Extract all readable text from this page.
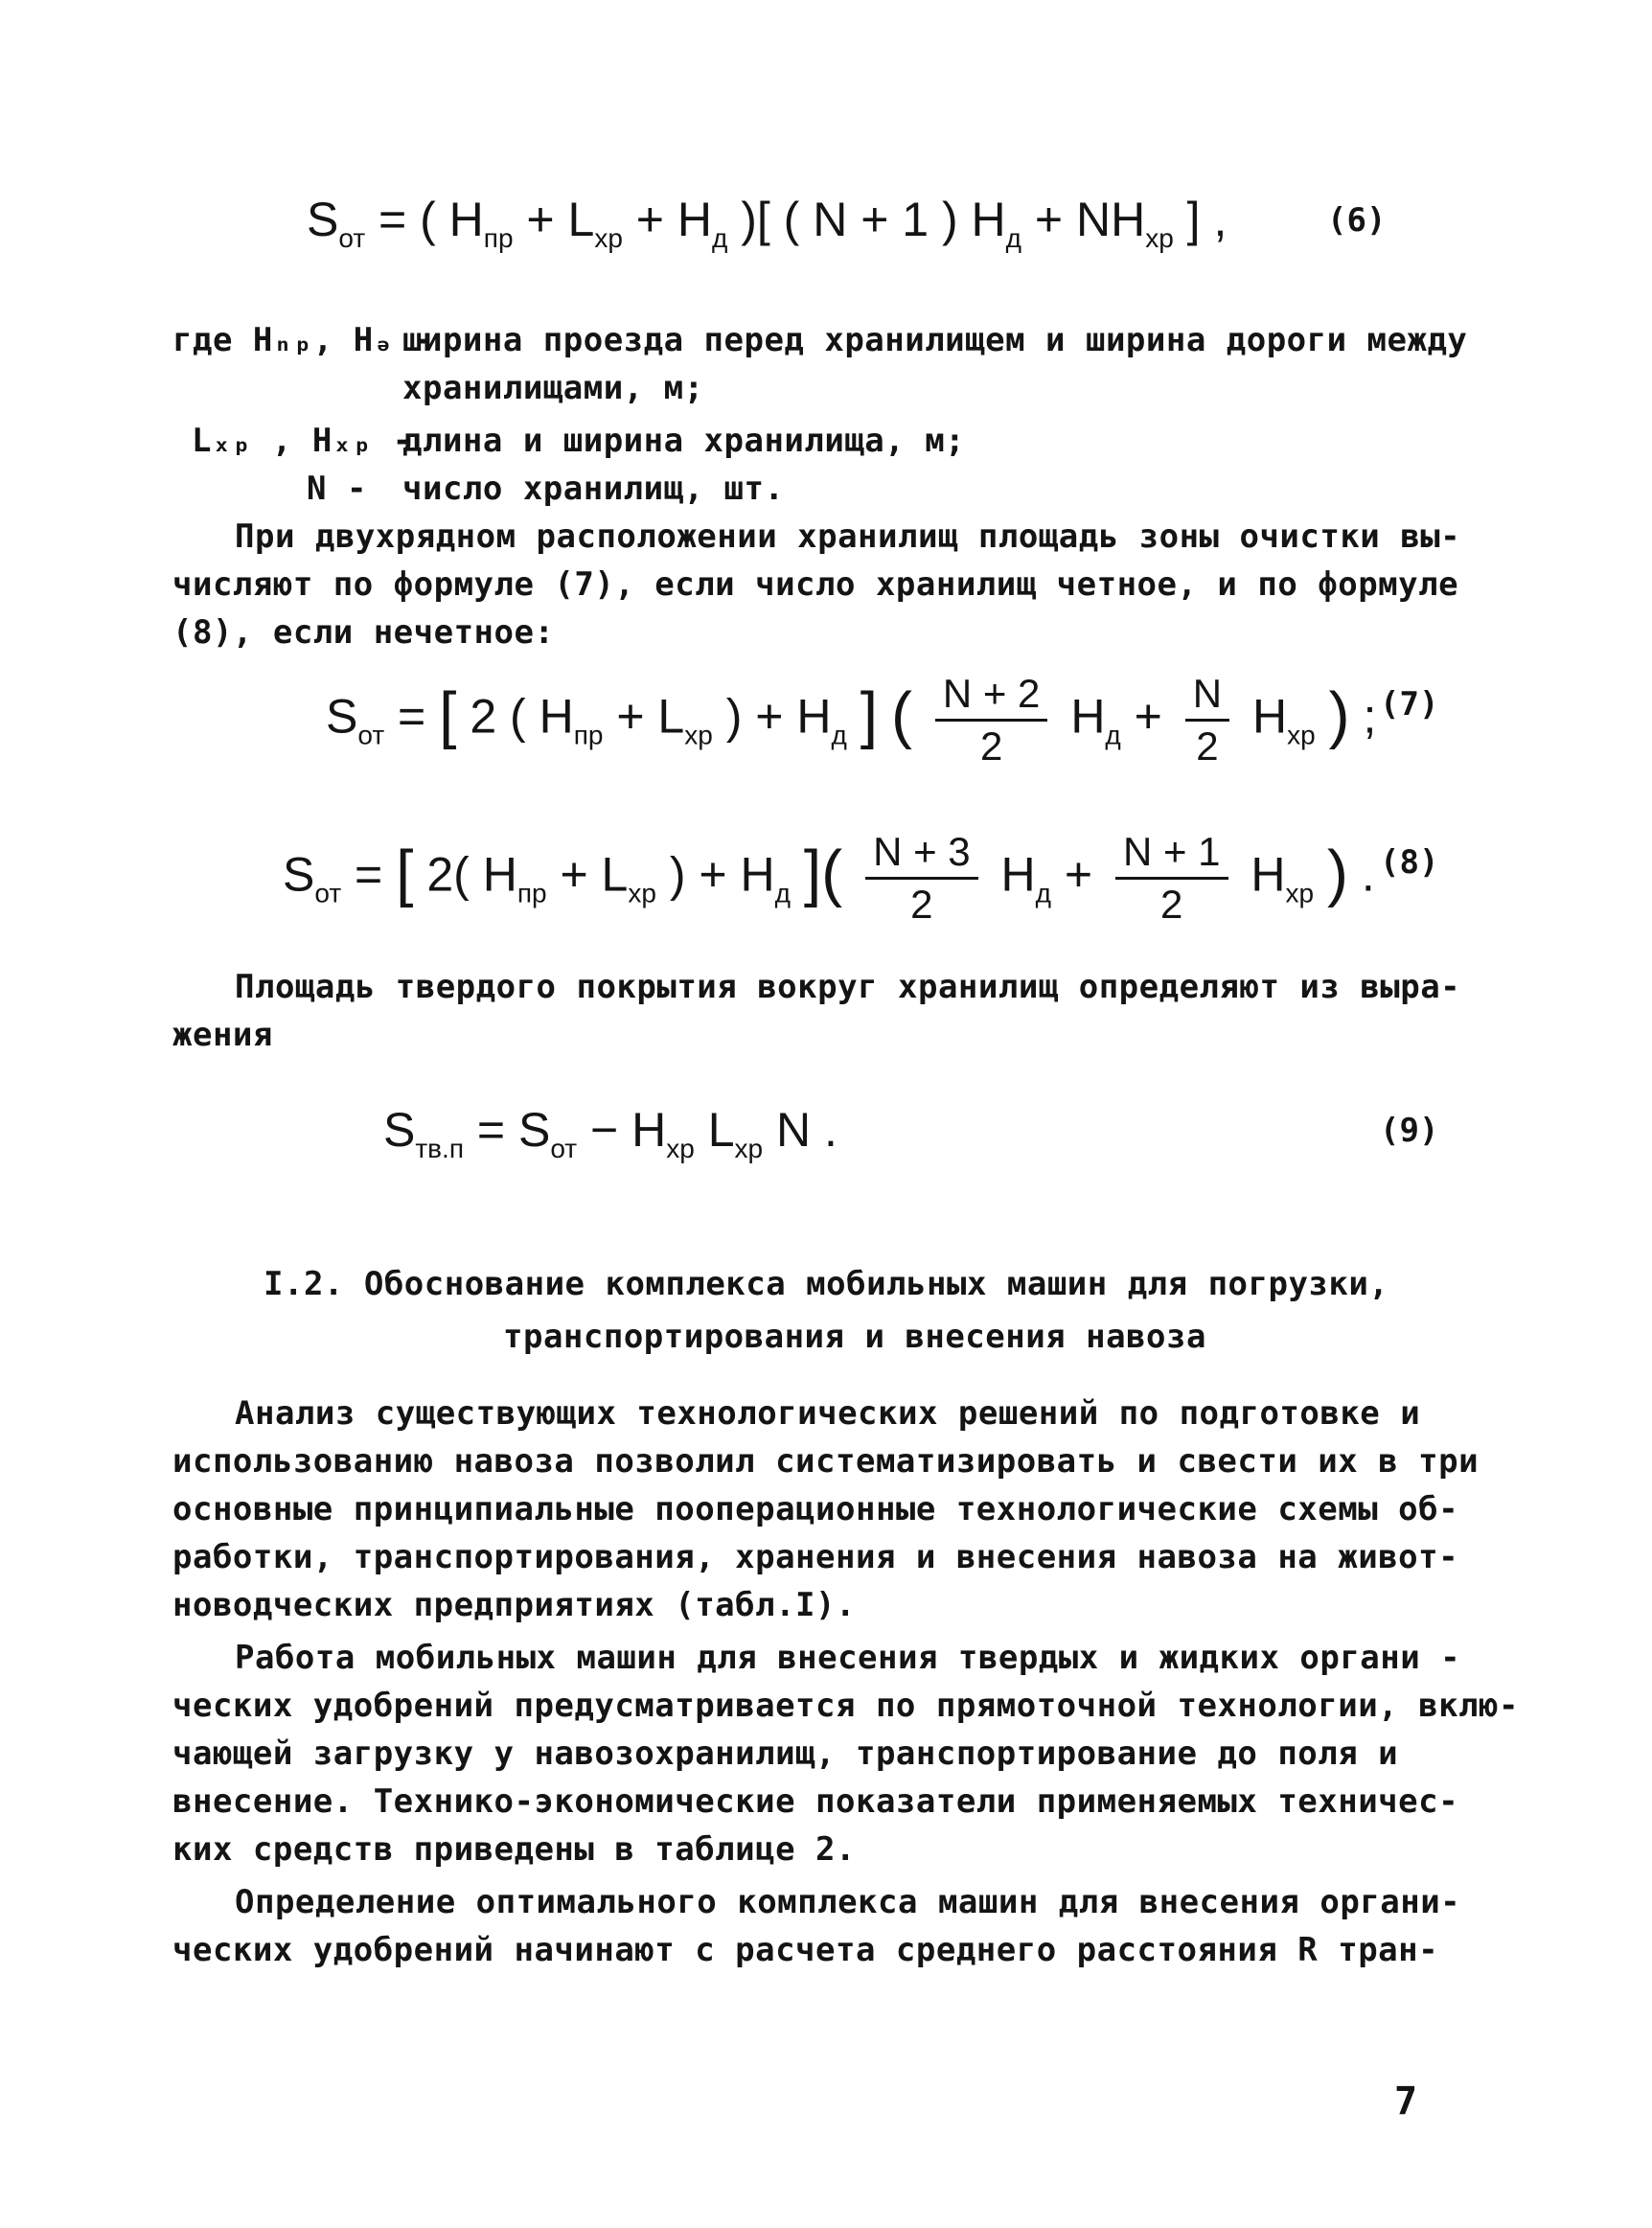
$S_{от}$ = ( $H_{пр} + L_{хр} + H_д$ )[ ( N + 1 ) $H_д + NH_{хр}$ ] ,	(6)
где Hₙₚ, Hₔ -
ширина проезда перед хранилищем и ширина дороги между
хранилищами, м;
Lₓₚ , Hₓₚ -
длина и ширина хранилища, м;
N - число хранилищ, шт.
При двухрядном расположении хранилищ площадь зоны очистки вы-
числяют по формуле (7), если число хранилищ четное, и по формуле
(8), если нечетное:
$S_{от}$ = [ 2 ( $H_{пр} + L_{хр}$ ) + $H_д$ ] ( $\frac{N + 2}{2} H_д + \frac{N}{2} H_{хр}$ ) ; (7)
$S_{от}$ = [ 2( $H_{пр} + L_{хр}$ ) + $H_д$ ]( $\frac{N + 3}{2} H_д + \frac{N + 1}{2} H_{хр}$ ) . (8)
Площадь твердого покрытия вокруг хранилищ определяют из выра-
жения
$S_{тв.п} = S_{от} - H_{хр}$ $L_{хр}$ N .	(9)
I.2. Обоснование комплекса мобильных машин для погрузки,
транспортирования и внесения навоза
Анализ существующих технологических решений по подготовке и
использованию навоза позволил систематизировать и свести их в три
основные принципиальные пооперационные технологические схемы об-
работки, транспортирования, хранения и внесения навоза на живот-
новодческих предприятиях (табл.I).
Работа мобильных машин для внесения твердых и жидких органи -
ческих удобрений предусматривается по прямоточной технологии, вклю-
чающей загрузку у навозохранилищ, транспортирование до поля и
внесение. Технико-экономические показатели применяемых техничес-
ких средств приведены в таблице 2.
Определение оптимального комплекса машин для внесения органи-
ческих удобрений начинают с расчета среднего расстояния R тран-
7
